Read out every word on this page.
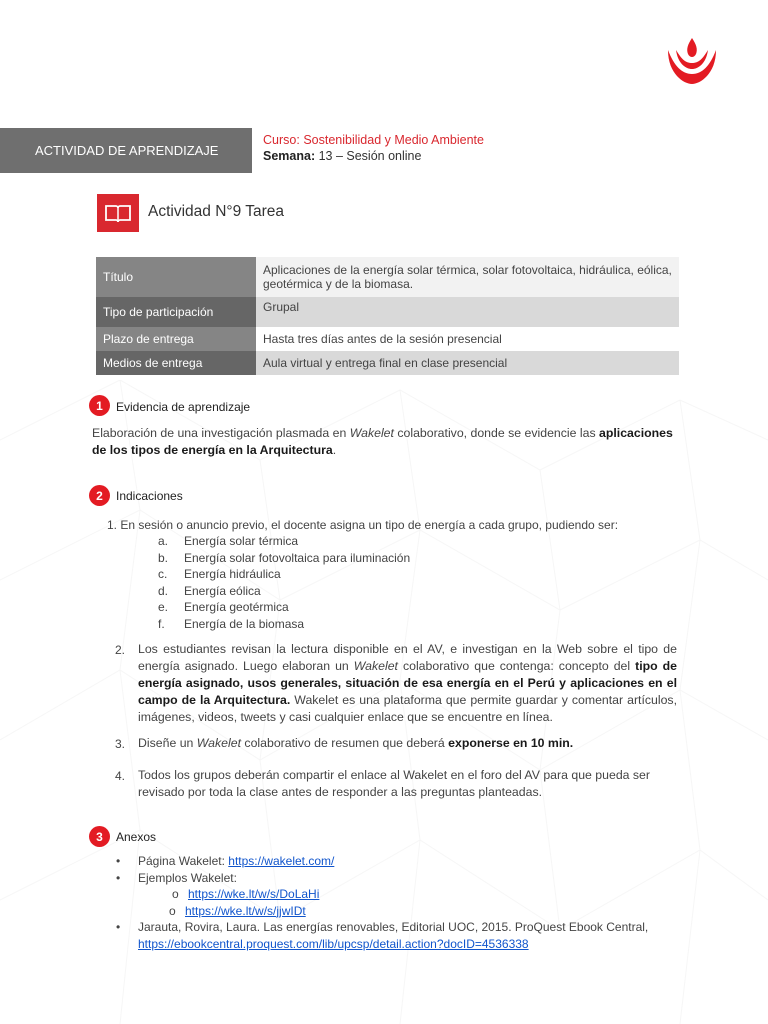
ACTIVIDAD DE APRENDIZAJE
Curso: Sostenibilidad y Medio Ambiente
Semana: 13 – Sesión online
Actividad N°9 Tarea
Título	Aplicaciones de la energía solar térmica, solar fotovoltaica, hidráulica, eólica, geotérmica y de la biomasa.
Tipo de participación	Grupal
Plazo de entrega	Hasta tres días antes de la sesión presencial
Medios de entrega	Aula virtual y entrega final en clase presencial
1	Evidencia de aprendizaje
Elaboración de una investigación plasmada en Wakelet colaborativo, donde se evidencie las aplicaciones de los tipos de energía en la Arquitectura.
2	Indicaciones
1. En sesión o anuncio previo, el docente asigna un tipo de energía a cada grupo, pudiendo ser:
a. Energía solar térmica
b. Energía solar fotovoltaica para iluminación
c. Energía hidráulica
d. Energía eólica
e. Energía geotérmica
f. Energía de la biomasa
2. Los estudiantes revisan la lectura disponible en el AV, e investigan en la Web sobre el tipo de energía asignado. Luego elaboran un Wakelet colaborativo que contenga: concepto del tipo de energía asignado, usos generales, situación de esa energía en el Perú y aplicaciones en el campo de la Arquitectura. Wakelet es una plataforma que permite guardar y comentar artículos, imágenes, videos, tweets y casi cualquier enlace que se encuentre en línea.
3. Diseñe un Wakelet colaborativo de resumen que deberá exponerse en 10 min.
4. Todos los grupos deberán compartir el enlace al Wakelet en el foro del AV para que pueda ser revisado por toda la clase antes de responder a las preguntas planteadas.
3	Anexos
• Página Wakelet: https://wakelet.com/
• Ejemplos Wakelet:
o https://wke.lt/w/s/DoLaHi
o https://wke.lt/w/s/jjwIDt
•	Jarauta, Rovira, Laura. Las energías renovables, Editorial UOC, 2015. ProQuest Ebook Central,
https://ebookcentral.proquest.com/lib/upcsp/detail.action?docID=4536338
